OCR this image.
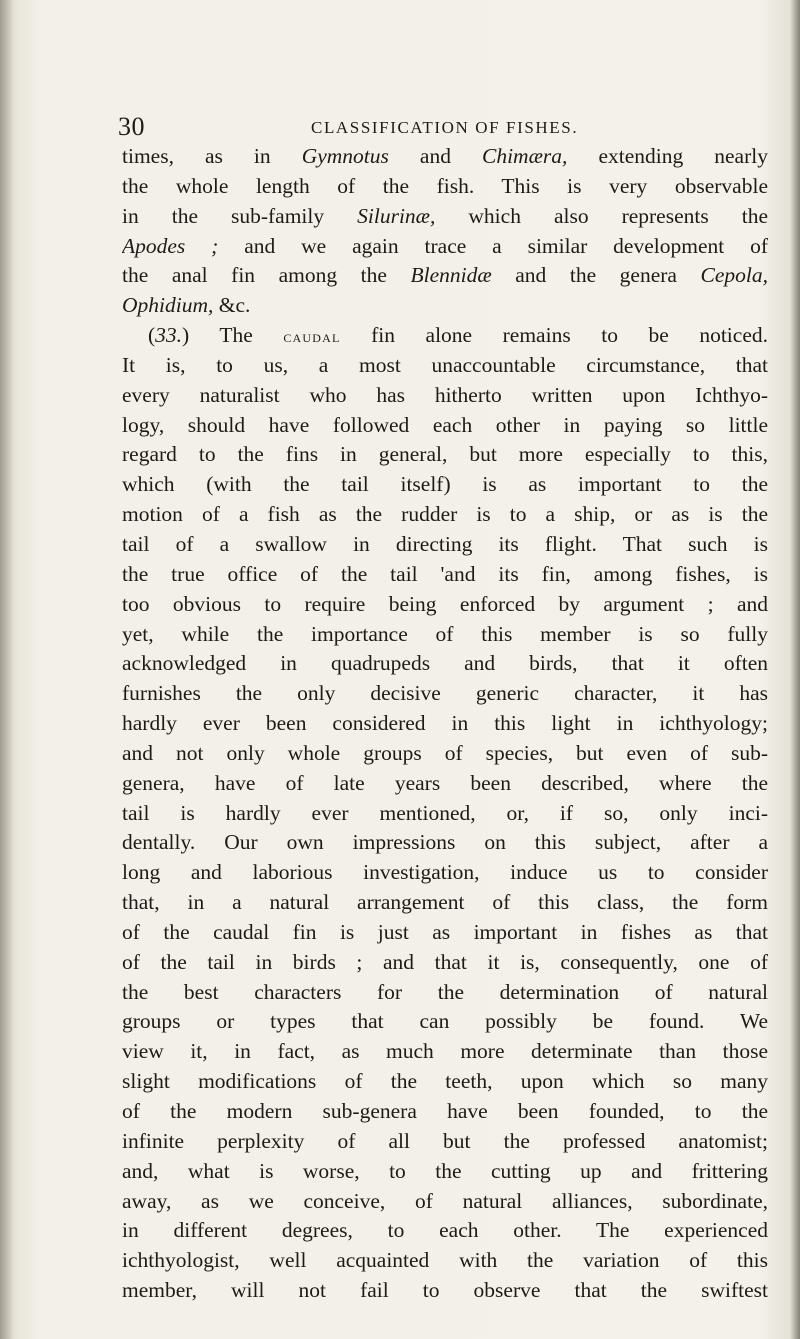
30	CLASSIFICATION OF FISHES.
times, as in Gymnotus and Chimæra, extending nearly
the whole length of the fish. This is very observable
in the sub-family Silurinæ, which also represents the
Apodes ; and we again trace a similar development of
the anal fin among the Blennidæ and the genera Cepola,
Ophidium, &c.
(33.) The caudal fin alone remains to be noticed.
It is, to us, a most unaccountable circumstance, that
every naturalist who has hitherto written upon Ichthyo-
logy, should have followed each other in paying so little
regard to the fins in general, but more especially to this,
which (with the tail itself) is as important to the
motion of a fish as the rudder is to a ship, or as is the
tail of a swallow in directing its flight. That such is
the true office of the tail 'and its fin, among fishes, is
too obvious to require being enforced by argument ; and
yet, while the importance of this member is so fully
acknowledged in quadrupeds and birds, that it often
furnishes the only decisive generic character, it has
hardly ever been considered in this light in ichthyology;
and not only whole groups of species, but even of sub-
genera, have of late years been described, where the
tail is hardly ever mentioned, or, if so, only inci-
dentally. Our own impressions on this subject, after a
long and laborious investigation, induce us to consider
that, in a natural arrangement of this class, the form
of the caudal fin is just as important in fishes as that
of the tail in birds ; and that it is, consequently, one of
the best characters for the determination of natural
groups or types that can possibly be found. We
view it, in fact, as much more determinate than those
slight modifications of the teeth, upon which so many
of the modern sub-genera have been founded, to the
infinite perplexity of all but the professed anatomist;
and, what is worse, to the cutting up and frittering
away, as we conceive, of natural alliances, subordinate,
in different degrees, to each other. The experienced
ichthyologist, well acquainted with the variation of this
member, will not fail to observe that the swiftest
